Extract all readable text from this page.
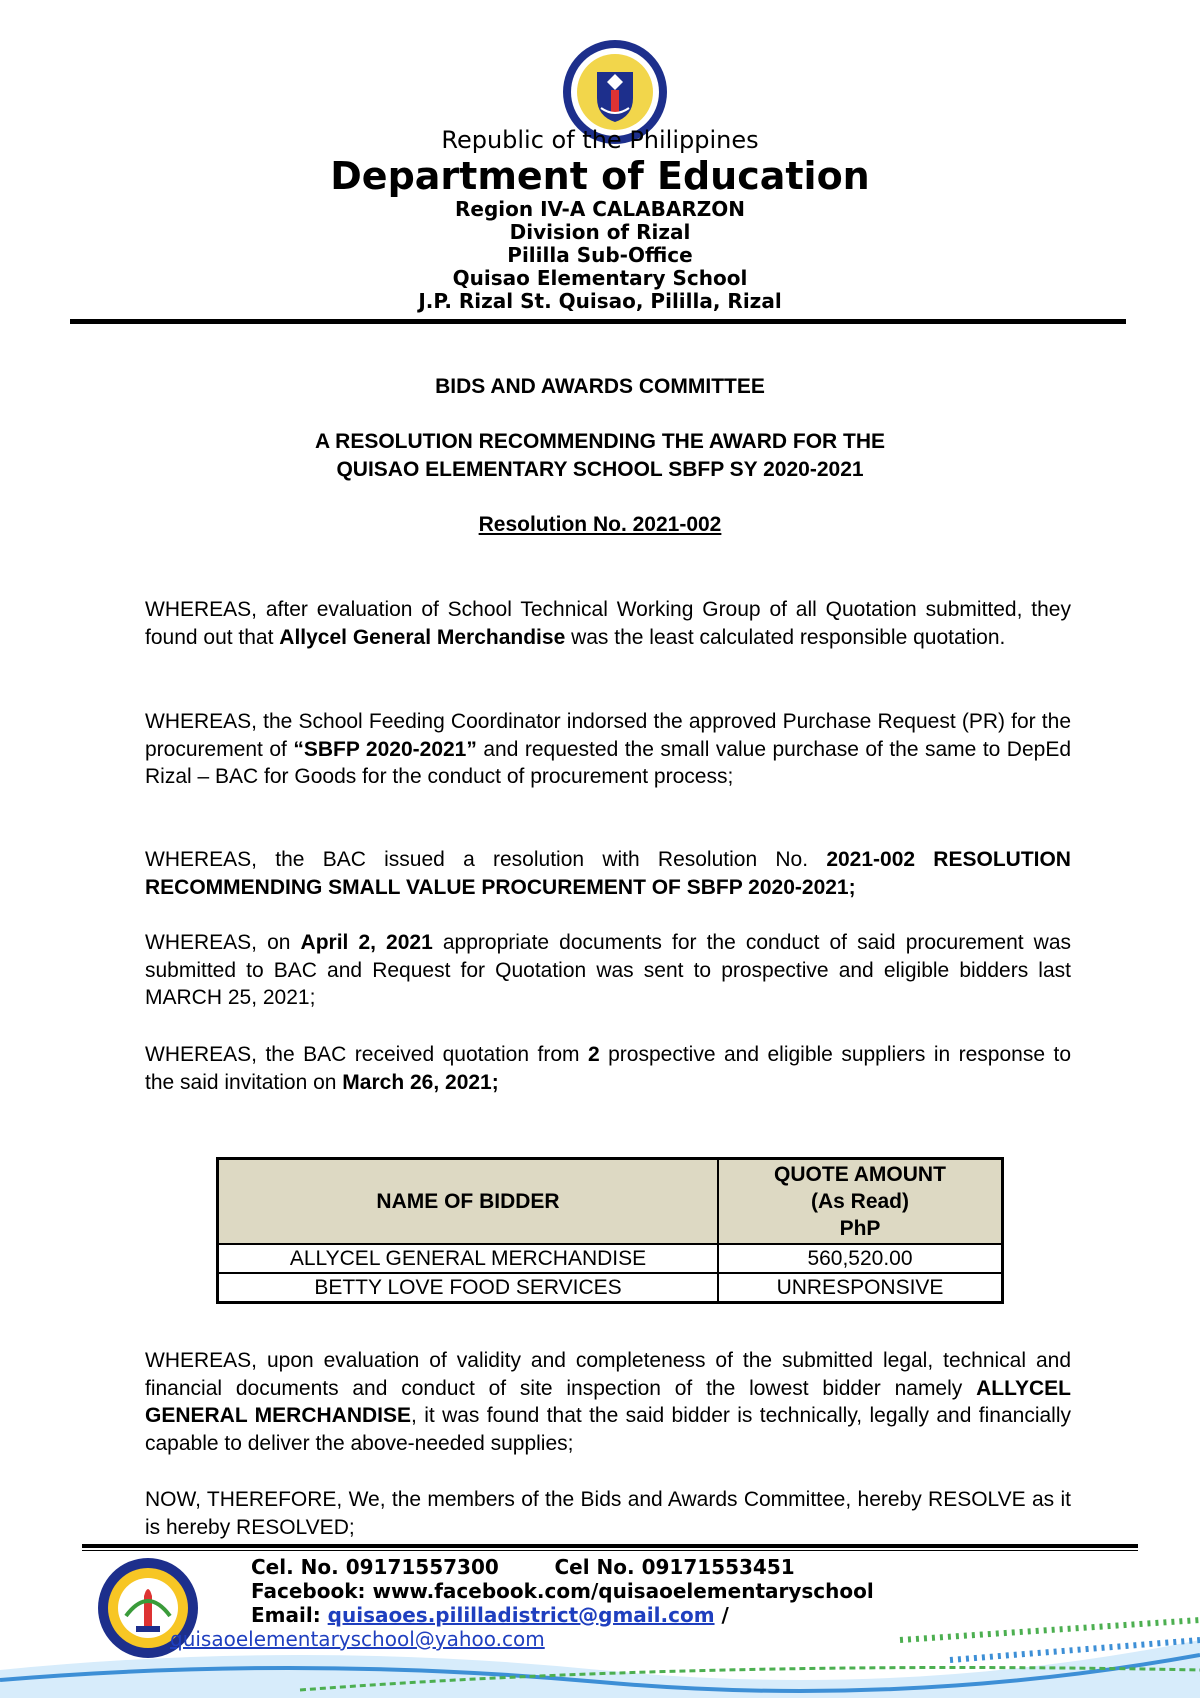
Republic of the Philippines
Department of Education
Region IV-A CALABARZON
Division of Rizal
Pililla Sub-Office
Quisao Elementary School
J.P. Rizal St. Quisao, Pililla, Rizal
BIDS AND AWARDS COMMITTEE
A RESOLUTION RECOMMENDING THE AWARD FOR THE
QUISAO ELEMENTARY SCHOOL SBFP SY 2020-2021
Resolution No. 2021-002

WHEREAS, after evaluation of School Technical Working Group of all Quotation submitted, they found out that Allycel General Merchandise was the least calculated responsible quotation.

WHEREAS, the School Feeding Coordinator indorsed the approved Purchase Request (PR) for the procurement of “SBFP 2020-2021” and requested the small value purchase of the same to DepEd Rizal – BAC for Goods for the conduct of procurement process;

WHEREAS, the BAC issued a resolution with Resolution No. 2021-002 RESOLUTION RECOMMENDING SMALL VALUE PROCUREMENT OF SBFP 2020-2021;

WHEREAS, on April 2, 2021 appropriate documents for the conduct of said procurement was submitted to BAC and Request for Quotation was sent to prospective and eligible bidders last MARCH 25, 2021;

WHEREAS, the BAC received quotation from 2 prospective and eligible suppliers in response to the said invitation on March 26, 2021;

NAME OF BIDDER	QUOTE AMOUNT
(As Read)
PhP
ALLYCEL GENERAL MERCHANDISE	560,520.00
BETTY LOVE FOOD SERVICES	UNRESPONSIVE

WHEREAS, upon evaluation of validity and completeness of the submitted legal, technical and financial documents and conduct of site inspection of the lowest bidder namely ALLYCEL GENERAL MERCHANDISE, it was found that the said bidder is technically, legally and financially capable to deliver the above-needed supplies;

NOW, THEREFORE, We, the members of the Bids and Awards Committee, hereby RESOLVE as it is hereby RESOLVED;

Cel. No. 09171557300        Cel No. 09171553451
Facebook: www.facebook.com/quisaoelementaryschool
Email: quisaoes.pililladistrict@gmail.com /
quisaoelementaryschool@yahoo.com
